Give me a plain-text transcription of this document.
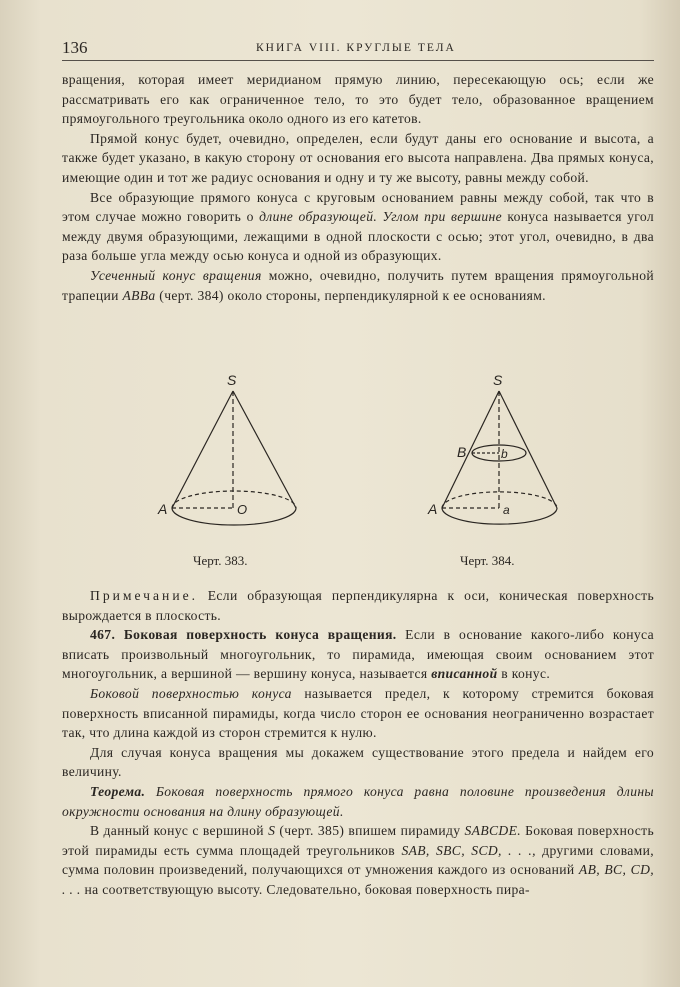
136	КНИГА VIII. КРУГЛЫЕ ТЕЛА

вращения, которая имеет меридианом прямую линию, пересекающую ось; если же рассматривать его как ограниченное тело, то это будет тело, образованное вращением прямоугольного треугольника около одного из его катетов.

Прямой конус будет, очевидно, определен, если будут даны его основание и высота, а также будет указано, в какую сторону от основания его высота направлена. Два прямых конуса, имеющие один и тот же радиус основания и одну и ту же высоту, равны между собой.

Все образующие прямого конуса с круговым основанием равны между собой, так что в этом случае можно говорить о длине образующей. Углом при вершине конуса называется угол между двумя образующими, лежащими в одной плоскости с осью; этот угол, очевидно, в два раза больше угла между осью конуса и одной из образующих.

Усеченный конус вращения можно, очевидно, получить путем вращения прямоугольной трапеции ABBa (черт. 384) около стороны, перпендикулярной к ее основаниям.

S
A	O
S
B	b
A	a
Черт. 383.	Черт. 384.

Примечание. Если образующая перпендикулярна к оси, коническая поверхность вырождается в плоскость.

467. Боковая поверхность конуса вращения. Если в основание какого-либо конуса вписать произвольный многоугольник, то пирамида, имеющая своим основанием этот многоугольник, а вершиной — вершину конуса, называется вписанной в конус.

Боковой поверхностью конуса называется предел, к которому стремится боковая поверхность вписанной пирамиды, когда число сторон ее основания неограниченно возрастает так, что длина каждой из сторон стремится к нулю.

Для случая конуса вращения мы докажем существование этого предела и найдем его величину.

Теорема. Боковая поверхность прямого конуса равна половине произведения длины окружности основания на длину образующей.

В данный конус с вершиной S (черт. 385) впишем пирамиду SABCDE. Боковая поверхность этой пирамиды есть сумма площадей треугольников SAB, SBC, SCD, . . ., другими словами, сумма половин произведений, получающихся от умножения каждого из оснований AB, BC, CD, . . . на соответствующую высоту. Следовательно, боковая поверхность пира-
